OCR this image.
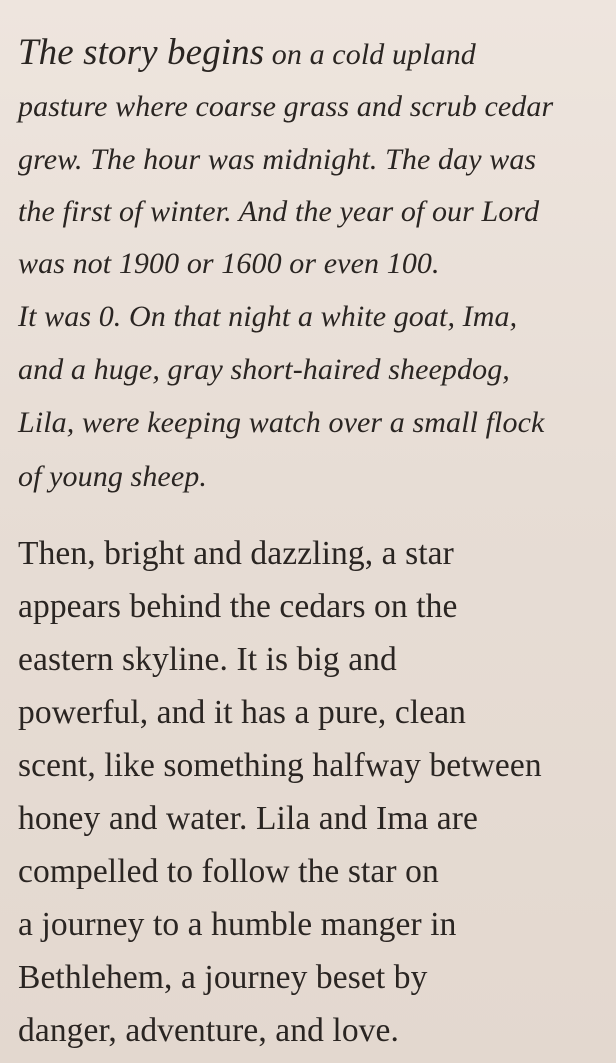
The story begins on a cold upland
pasture where coarse grass and scrub cedar
grew. The hour was midnight. The day was
the first of winter. And the year of our Lord
was not 1900 or 1600 or even 100.
It was 0. On that night a white goat, Ima,
and a huge, gray short-haired sheepdog,
Lila, were keeping watch over a small flock
of young sheep.
Then, bright and dazzling, a star
appears behind the cedars on the
eastern skyline. It is big and
powerful, and it has a pure, clean
scent, like something halfway between
honey and water. Lila and Ima are
compelled to follow the star on
a journey to a humble manger in
Bethlehem, a journey beset by
danger, adventure, and love.
